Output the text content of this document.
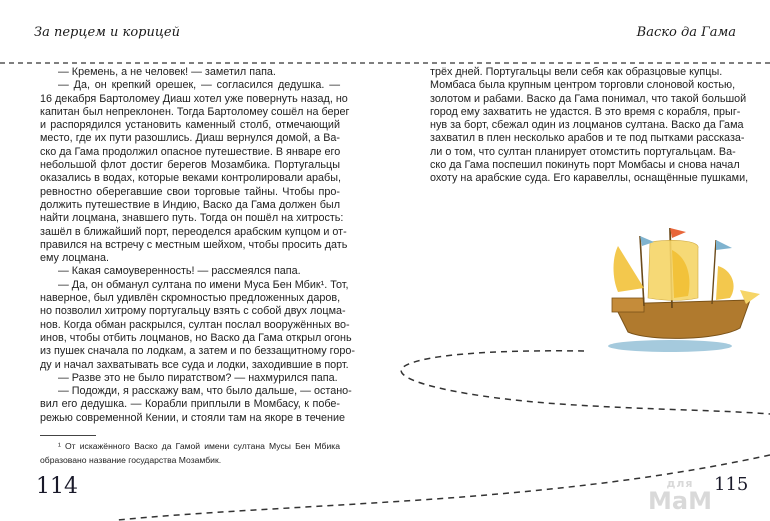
За перцем и корицей	Васко да Гама
— Кремень, а не человек! — заметил папа.
— Да, он крепкий орешек, — согласился дедушка. —
16 декабря Бартоломеу Диаш хотел уже повернуть назад, но
капитан был непреклонен. Тогда Бартоломеу сошёл на берег
и распорядился установить каменный столб, отмечающий
место, где их пути разошлись. Диаш вернулся домой, а Ва-
ско да Гама продолжил опасное путешествие. В январе его
небольшой флот достиг берегов Мозамбика. Португальцы
оказались в водах, которые веками контролировали арабы,
ревностно оберегавшие свои торговые тайны. Чтобы про-
должить путешествие в Индию, Васко да Гама должен был
найти лоцмана, знавшего путь. Тогда он пошёл на хитрость:
зашёл в ближайший порт, переоделся арабским купцом и от-
правился на встречу с местным шейхом, чтобы просить дать
ему лоцмана.
— Какая самоуверенность! — рассмеялся папа.
— Да, он обманул султана по имени Муса Бен Мбик¹. Тот,
наверное, был удивлён скромностью предложенных даров,
но позволил хитрому португальцу взять с собой двух лоцма-
нов. Когда обман раскрылся, султан послал вооружённых во-
инов, чтобы отбить лоцманов, но Васко да Гама открыл огонь
из пушек сначала по лодкам, а затем и по беззащитному горо-
ду и начал захватывать все суда и лодки, заходившие в порт.
— Разве это не было пиратством? — нахмурился папа.
— Подожди, я расскажу вам, что было дальше, — остано-
вил его дедушка. — Корабли приплыли в Момбасу, к побе-
режью современной Кении, и стояли там на якоре в течение
¹ От искажённого Васко да Гамой имени султана Мусы Бен Мбика
образовано название государства Мозамбик.
трёх дней. Португальцы вели себя как образцовые купцы.
Момбаса была крупным центром торговли слоновой костью,
золотом и рабами. Васко да Гама понимал, что такой большой
город ему захватить не удастся. В это время с корабля, прыг-
нув за борт, сбежал один из лоцманов султана. Васко да Гама
захватил в плен несколько арабов и те под пытками рассказа-
ли о том, что султан планирует отомстить португальцам. Ва-
ско да Гама поспешил покинуть порт Момбасы и снова начал
охоту на арабские суда. Его каравеллы, оснащённые пушками,
114	для
МаМ
115
